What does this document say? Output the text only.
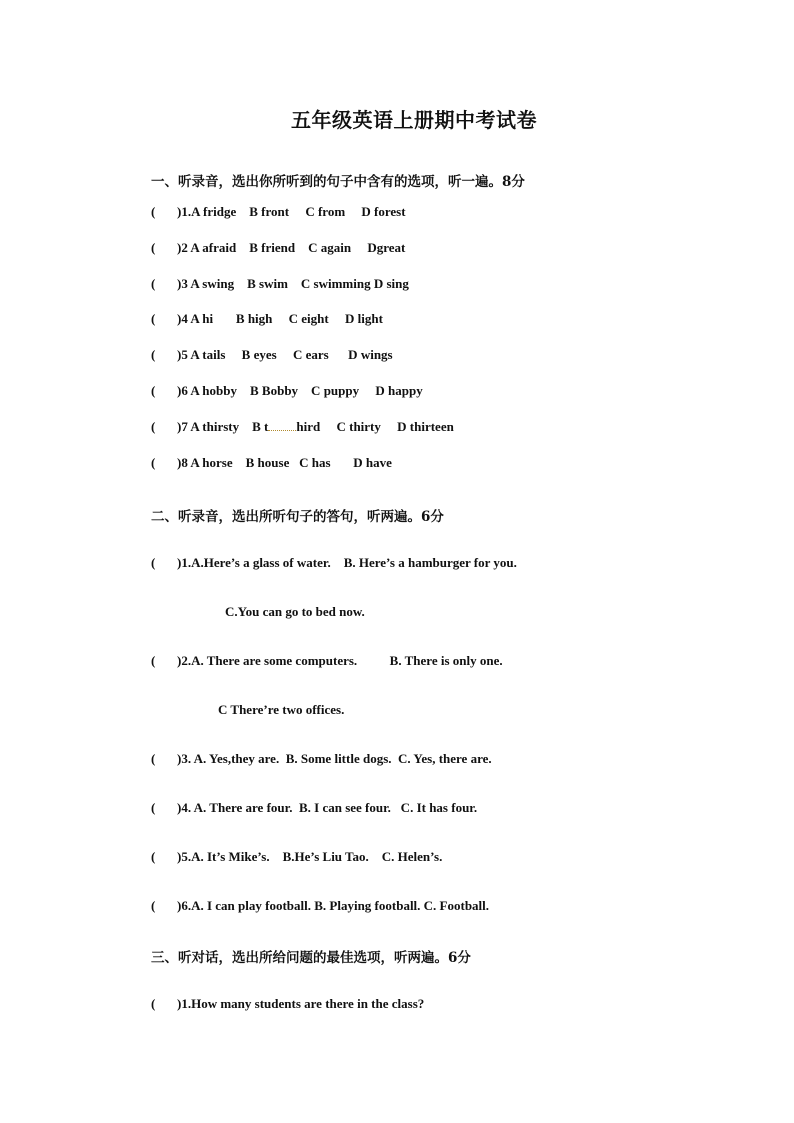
五年级英语上册期中考试卷
一、听录音，选出你所听到的句子中含有的选项，听一遍。8分
( )1.A fridge    B front     C from     D forest
( )2 A afraid    B friend    C again     Dgreat
( )3 A swing    B swim    C swimming D sing
( )4 A hi       B high     C eight     D light
( )5 A tails     B eyes     C ears      D wings
( )6 A hobby    B Bobby    C puppy     D happy
( )7 A thirsty    B t hird     C thirty     D thirteen
( )8 A horse    B house   C has       D have
二、听录音，选出所听句子的答句，听两遍。6分
( )1.A.Here’s a glass of water.    B. Here’s a hamburger for you.
C.You can go to bed now.
( )2.A. There are some computers.          B. There is only one.
C There’re two offices.
( )3. A. Yes,they are.  B. Some little dogs.  C. Yes, there are.
( )4. A. There are four.  B. I can see four.   C. It has four.
( )5.A. It’s Mike’s.    B.He’s Liu Tao.    C. Helen’s.
( )6.A. I can play football. B. Playing football. C. Football.
三、听对话，选出所给问题的最佳选项，听两遍。6分
( )1.How many students are there in the class?
